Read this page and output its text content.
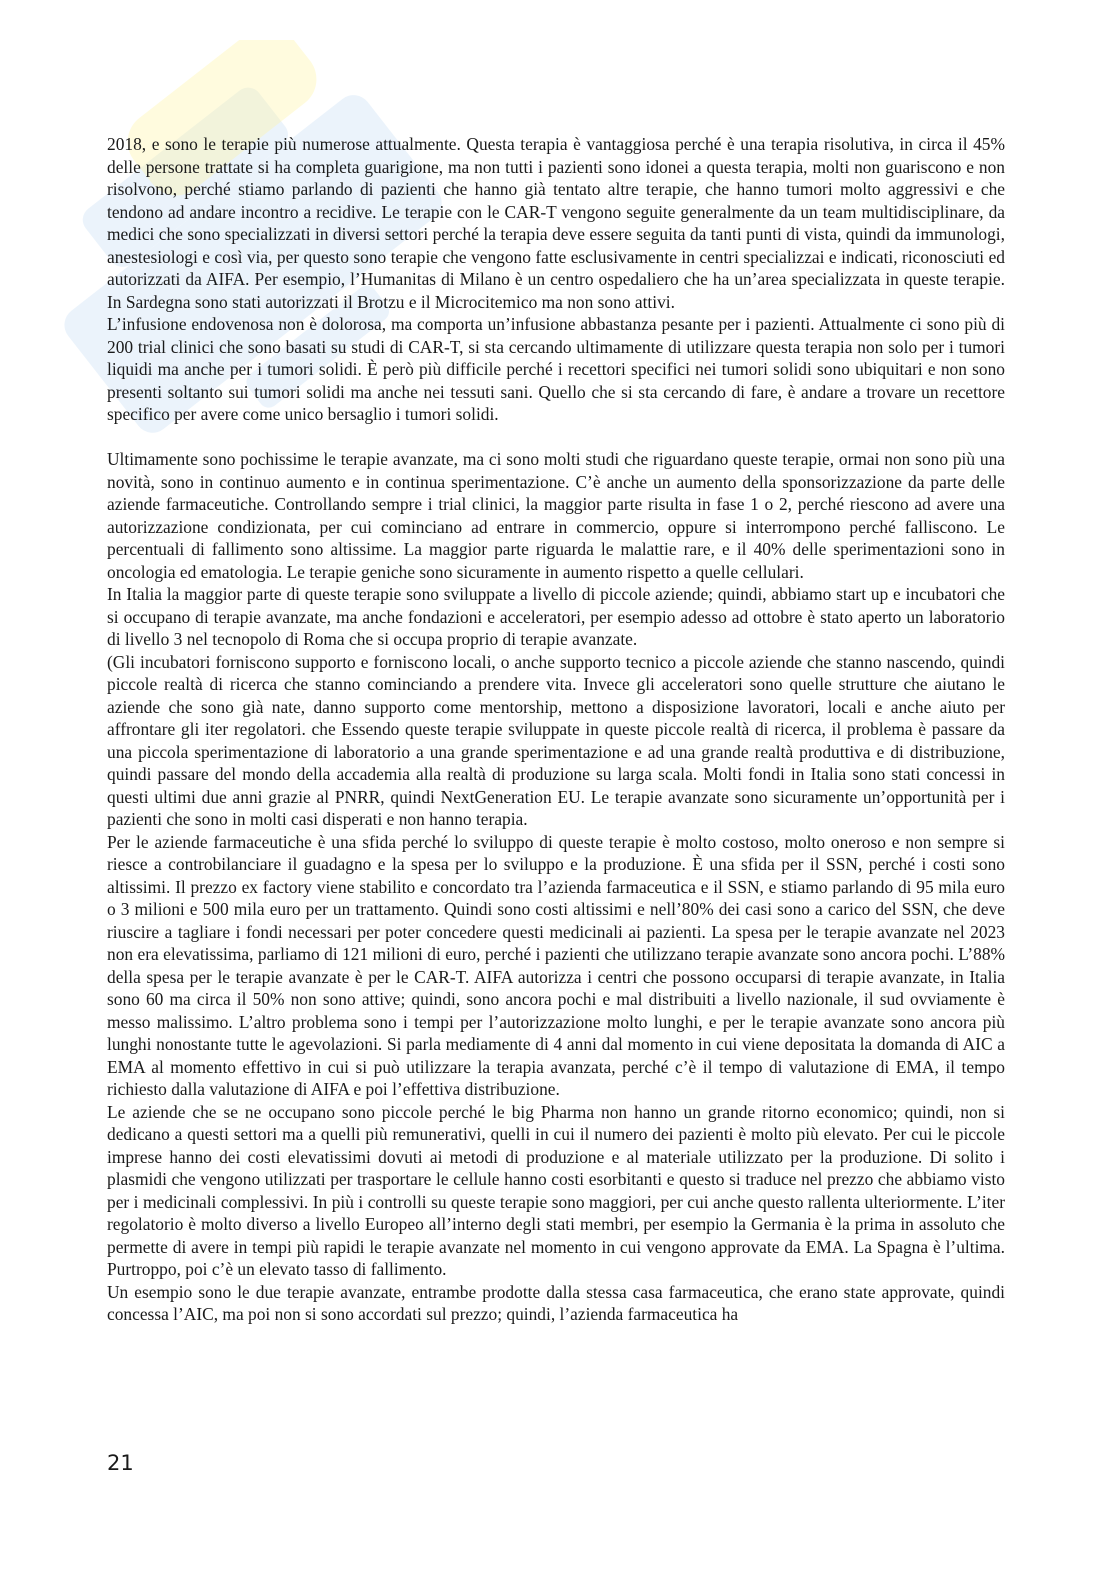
2018, e sono le terapie più numerose attualmente. Questa terapia è vantaggiosa perché è una terapia risolutiva, in circa il 45% delle persone trattate si ha completa guarigione, ma non tutti i pazienti sono idonei a questa terapia, molti non guariscono e non risolvono, perché stiamo parlando di pazienti che hanno già tentato altre terapie, che hanno tumori molto aggressivi e che tendono ad andare incontro a recidive. Le terapie con le CAR-T vengono seguite generalmente da un team multidisciplinare, da medici che sono specializzati in diversi settori perché la terapia deve essere seguita da tanti punti di vista, quindi da immunologi, anestesiologi e così via, per questo sono terapie che vengono fatte esclusivamente in centri specializzai e indicati, riconosciuti ed autorizzati da AIFA. Per esempio, l’Humanitas di Milano è un centro ospedaliero che ha un’area specializzata in queste terapie. In Sardegna sono stati autorizzati il Brotzu e il Microcitemico ma non sono attivi.

L’infusione endovenosa non è dolorosa, ma comporta un’infusione abbastanza pesante per i pazienti. Attualmente ci sono più di 200 trial clinici che sono basati su studi di CAR-T, si sta cercando ultimamente di utilizzare questa terapia non solo per i tumori liquidi ma anche per i tumori solidi. È però più difficile perché i recettori specifici nei tumori solidi sono ubiquitari e non sono presenti soltanto sui tumori solidi ma anche nei tessuti sani. Quello che si sta cercando di fare, è andare a trovare un recettore specifico per avere come unico bersaglio i tumori solidi.

Ultimamente sono pochissime le terapie avanzate, ma ci sono molti studi che riguardano queste terapie, ormai non sono più una novità, sono in continuo aumento e in continua sperimentazione. C’è anche un aumento della sponsorizzazione da parte delle aziende farmaceutiche. Controllando sempre i trial clinici, la maggior parte risulta in fase 1 o 2, perché riescono ad avere una autorizzazione condizionata, per cui cominciano ad entrare in commercio, oppure si interrompono perché falliscono. Le percentuali di fallimento sono altissime. La maggior parte riguarda le malattie rare, e il 40% delle sperimentazioni sono in oncologia ed ematologia. Le terapie geniche sono sicuramente in aumento rispetto a quelle cellulari.

In Italia la maggior parte di queste terapie sono sviluppate a livello di piccole aziende; quindi, abbiamo start up e incubatori che si occupano di terapie avanzate, ma anche fondazioni e acceleratori, per esempio adesso ad ottobre è stato aperto un laboratorio di livello 3 nel tecnopolo di Roma che si occupa proprio di terapie avanzate.

(Gli incubatori forniscono supporto e forniscono locali, o anche supporto tecnico a piccole aziende che stanno nascendo, quindi piccole realtà di ricerca che stanno cominciando a prendere vita. Invece gli acceleratori sono quelle strutture che aiutano le aziende che sono già nate, danno supporto come mentorship, mettono a disposizione lavoratori, locali e anche aiuto per affrontare gli iter regolatori. che Essendo queste terapie sviluppate in queste piccole realtà di ricerca, il problema è passare da una piccola sperimentazione di laboratorio a una grande sperimentazione e ad una grande realtà produttiva e di distribuzione, quindi passare del mondo della accademia alla realtà di produzione su larga scala. Molti fondi in Italia sono stati concessi in questi ultimi due anni grazie al PNRR, quindi NextGeneration EU. Le terapie avanzate sono sicuramente un’opportunità per i pazienti che sono in molti casi disperati e non hanno terapia.

Per le aziende farmaceutiche è una sfida perché lo sviluppo di queste terapie è molto costoso, molto oneroso e non sempre si riesce a controbilanciare il guadagno e la spesa per lo sviluppo e la produzione. È una sfida per il SSN, perché i costi sono altissimi. Il prezzo ex factory viene stabilito e concordato tra l’azienda farmaceutica e il SSN, e stiamo parlando di 95 mila euro o 3 milioni e 500 mila euro per un trattamento. Quindi sono costi altissimi e nell’80% dei casi sono a carico del SSN, che deve riuscire a tagliare i fondi necessari per poter concedere questi medicinali ai pazienti. La spesa per le terapie avanzate nel 2023 non era elevatissima, parliamo di 121 milioni di euro, perché i pazienti che utilizzano terapie avanzate sono ancora pochi. L’88% della spesa per le terapie avanzate è per le CAR-T. AIFA autorizza i centri che possono occuparsi di terapie avanzate, in Italia sono 60 ma circa il 50% non sono attive; quindi, sono ancora pochi e mal distribuiti a livello nazionale, il sud ovviamente è messo malissimo. L’altro problema sono i tempi per l’autorizzazione molto lunghi, e per le terapie avanzate sono ancora più lunghi nonostante tutte le agevolazioni. Si parla mediamente di 4 anni dal momento in cui viene depositata la domanda di AIC a EMA al momento effettivo in cui si può utilizzare la terapia avanzata, perché c’è il tempo di valutazione di EMA, il tempo richiesto dalla valutazione di AIFA e poi l’effettiva distribuzione.

Le aziende che se ne occupano sono piccole perché le big Pharma non hanno un grande ritorno economico; quindi, non si dedicano a questi settori ma a quelli più remunerativi, quelli in cui il numero dei pazienti è molto più elevato. Per cui le piccole imprese hanno dei costi elevatissimi dovuti ai metodi di produzione e al materiale utilizzato per la produzione. Di solito i plasmidi che vengono utilizzati per trasportare le cellule hanno costi esorbitanti e questo si traduce nel prezzo che abbiamo visto per i medicinali complessivi. In più i controlli su queste terapie sono maggiori, per cui anche questo rallenta ulteriormente. L’iter regolatorio è molto diverso a livello Europeo all’interno degli stati membri, per esempio la Germania è la prima in assoluto che permette di avere in tempi più rapidi le terapie avanzate nel momento in cui vengono approvate da EMA. La Spagna è l’ultima. Purtroppo, poi c’è un elevato tasso di fallimento.

Un esempio sono le due terapie avanzate, entrambe prodotte dalla stessa casa farmaceutica, che erano state approvate, quindi concessa l’AIC, ma poi non si sono accordati sul prezzo; quindi, l’azienda farmaceutica ha

21
